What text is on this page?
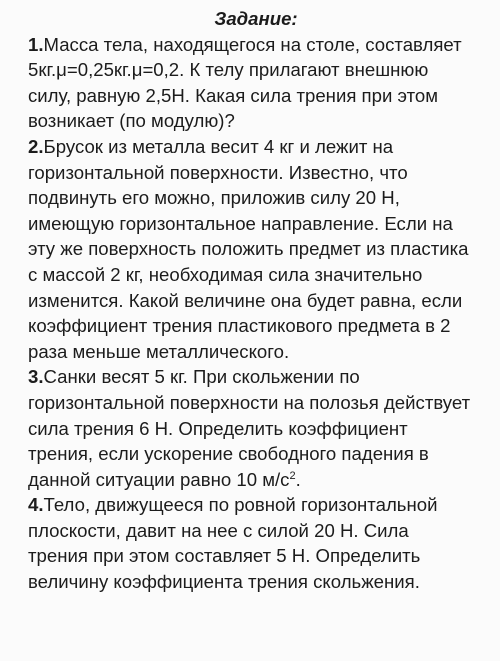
Задание:

1.Масса тела, находящегося на столе, составляет 5кг.μ=0,25кг.μ=0,2. К телу прилагают внешнюю силу, равную 2,5Н. Какая сила трения при этом возникает (по модулю)?

2.Брусок из металла весит 4 кг и лежит на горизонтальной поверхности. Известно, что подвинуть его можно, приложив силу 20 Н, имеющую горизонтальное направление. Если на эту же поверхность положить предмет из пластика с массой 2 кг, необходимая сила значительно изменится. Какой величине она будет равна, если коэффициент трения пластикового предмета в 2 раза меньше металлического.

3.Санки весят 5 кг. При скольжении по горизонтальной поверхности на полозья действует сила трения 6 Н. Определить коэффициент трения, если ускорение свободного падения в данной ситуации равно 10 $м/с^2$.

4.Тело, движущееся по ровной горизонтальной плоскости, давит на нее с силой 20 Н. Сила трения при этом составляет 5 Н. Определить величину коэффициента трения скольжения.
